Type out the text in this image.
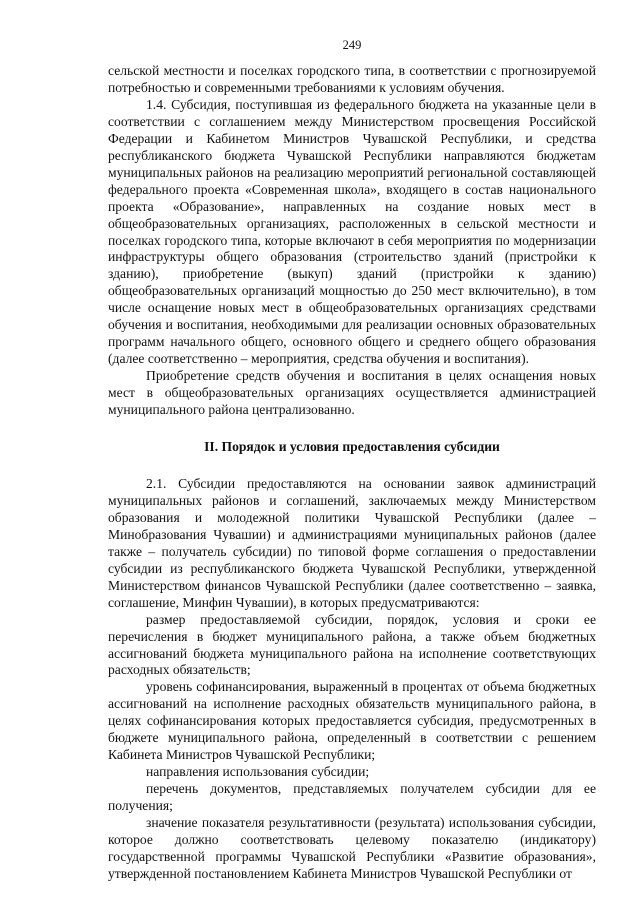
249

сельской местности и поселках городского типа, в соответствии с прогнозируемой потребностью и современными требованиями к условиям обучения.

1.4. Субсидия, поступившая из федерального бюджета на указанные цели в соответствии с соглашением между Министерством просвещения Российской Федерации и Кабинетом Министров Чувашской Республики, и средства республиканского бюджета Чувашской Республики направляются бюджетам муниципальных районов на реализацию мероприятий региональной составляющей федерального проекта «Современная школа», входящего в состав национального проекта «Образование», направленных на создание новых мест в общеобразовательных организациях, расположенных в сельской местности и поселках городского типа, которые включают в себя мероприятия по модернизации инфраструктуры общего образования (строительство зданий (пристройки к зданию), приобретение (выкуп) зданий (пристройки к зданию) общеобразовательных организаций мощностью до 250 мест включительно), в том числе оснащение новых мест в общеобразовательных организациях средствами обучения и воспитания, необходимыми для реализации основных образовательных программ начального общего, основного общего и среднего общего образования (далее соответственно – мероприятия, средства обучения и воспитания).

Приобретение средств обучения и воспитания в целях оснащения новых мест в общеобразовательных организациях осуществляется администрацией муниципального района централизованно.

II. Порядок и условия предоставления субсидии

2.1. Субсидии предоставляются на основании заявок администраций муниципальных районов и соглашений, заключаемых между Министерством образования и молодежной политики Чувашской Республики (далее – Минобразования Чувашии) и администрациями муниципальных районов (далее также – получатель субсидии) по типовой форме соглашения о предоставлении субсидии из республиканского бюджета Чувашской Республики, утвержденной Министерством финансов Чувашской Республики (далее соответственно – заявка, соглашение, Минфин Чувашии), в которых предусматриваются:

размер предоставляемой субсидии, порядок, условия и сроки ее перечисления в бюджет муниципального района, а также объем бюджетных ассигнований бюджета муниципального района на исполнение соответствующих расходных обязательств;

уровень софинансирования, выраженный в процентах от объема бюджетных ассигнований на исполнение расходных обязательств муниципального района, в целях софинансирования которых предоставляется субсидия, предусмотренных в бюджете муниципального района, определенный в соответствии с решением Кабинета Министров Чувашской Республики;

направления использования субсидии;

перечень документов, представляемых получателем субсидии для ее получения;

значение показателя результативности (результата) использования субсидии, которое должно соответствовать целевому показателю (индикатору) государственной программы Чувашской Республики «Развитие образования», утвержденной постановлением Кабинета Министров Чувашской Республики от
